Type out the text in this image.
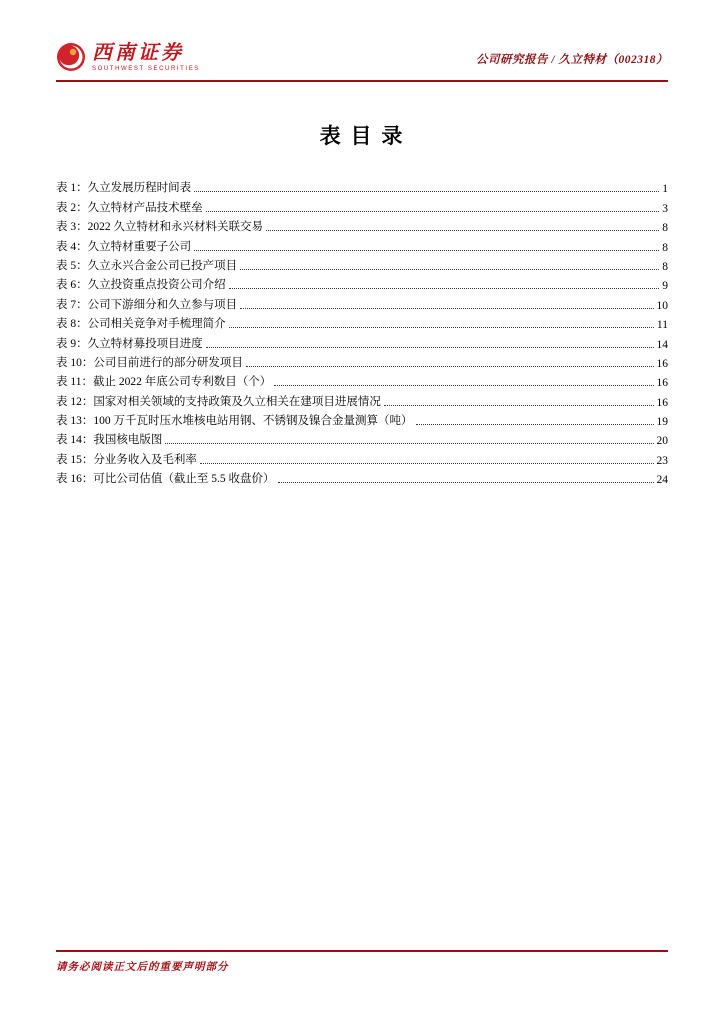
西南证券
SOUTHWEST SECURITIES
公司研究报告 / 久立特材（002318）
表 目 录
表 1：久立发展历程时间表	1
表 2：久立特材产品技术壁垒	3
表 3：2022 久立特材和永兴材料关联交易	8
表 4：久立特材重要子公司	8
表 5：久立永兴合金公司已投产项目	8
表 6：久立投资重点投资公司介绍	9
表 7：公司下游细分和久立参与项目	10
表 8：公司相关竞争对手梳理简介	11
表 9：久立特材募投项目进度	14
表 10：公司目前进行的部分研发项目	16
表 11：截止 2022 年底公司专利数目（个）	16
表 12：国家对相关领域的支持政策及久立相关在建项目进展情况	16
表 13：100 万千瓦时压水堆核电站用钢、不锈钢及镍合金量测算（吨）	19
表 14：我国核电版图	20
表 15：分业务收入及毛利率	23
表 16：可比公司估值（截止至 5.5 收盘价）	24
请务必阅读正文后的重要声明部分
